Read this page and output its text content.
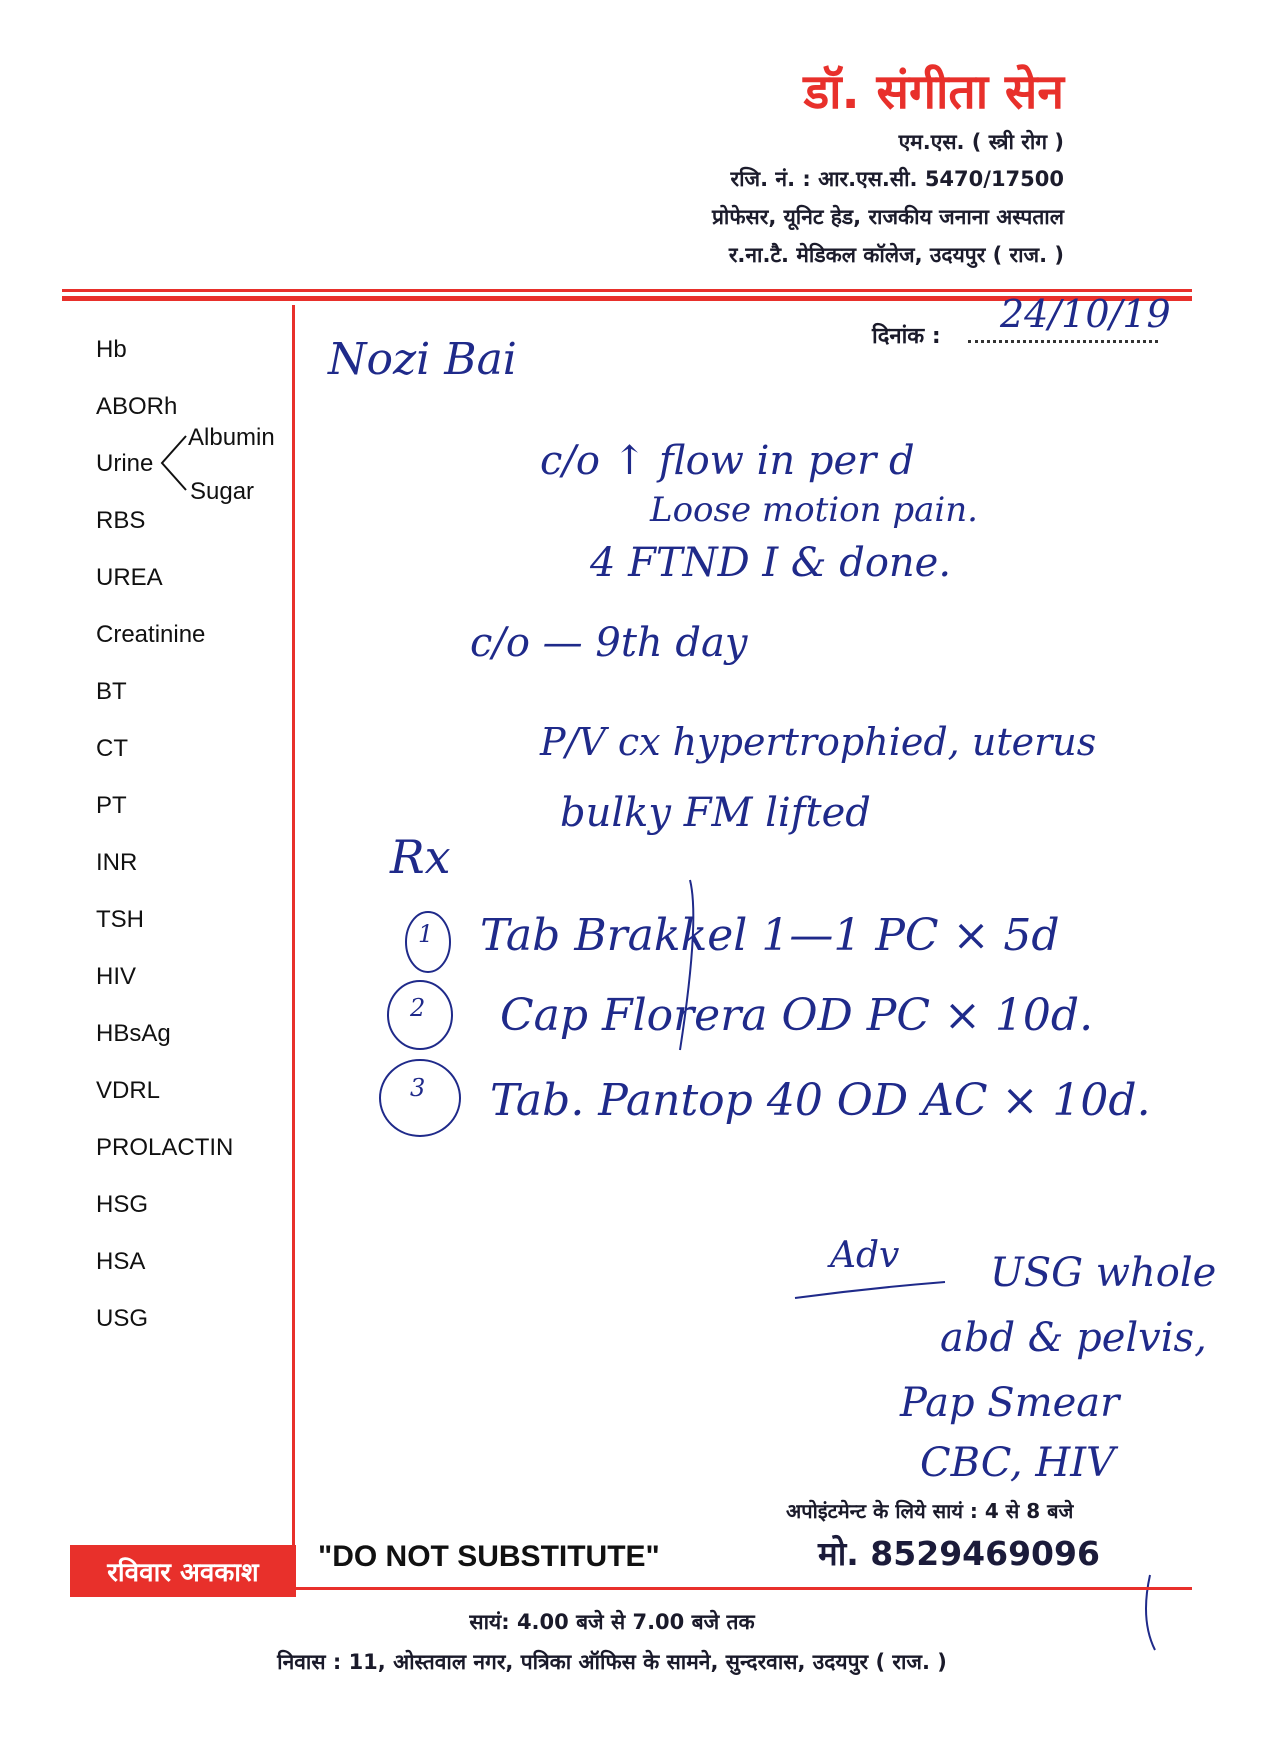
डॉ. संगीता सेन
एम.एस. ( स्त्री रोग )
रजि. नं. : आर.एस.सी. 5470/17500
प्रोफेसर, यूनिट हेड, राजकीय जनाना अस्पताल
र.ना.टै. मेडिकल कॉलेज, उदयपुर ( राज. )
Hb
ABORh
Urine
Albumin
Sugar
RBS
UREA
Creatinine
BT
CT
PT
INR
TSH
HIV
HBsAg
VDRL
PROLACTIN
HSG
HSA
USG
दिनांक :
24/10/19
Nozi Bai
c/o ↑ flow in per d
Loose motion pain.
4 FTND I & done.
c/o — 9th day
P/V cx hypertrophied, uterus
bulky FM lifted
Rx
1
2
3
Tab Brakkel 1—1 PC × 5d
Cap Florera OD PC × 10d.
Tab. Pantop 40 OD AC × 10d.
Adv USG whole
abd & pelvis,
Pap Smear
CBC, HIV
अपोइंटमेन्ट के लिये सायं : 4 से 8 बजे
रविवार अवकाश	"DO NOT SUBSTITUTE"	मो. 8529469096
सायं: 4.00 बजे से 7.00 बजे तक
निवास : 11, ओस्तवाल नगर, पत्रिका ऑफिस के सामने, सुन्दरवास, उदयपुर ( राज. )
